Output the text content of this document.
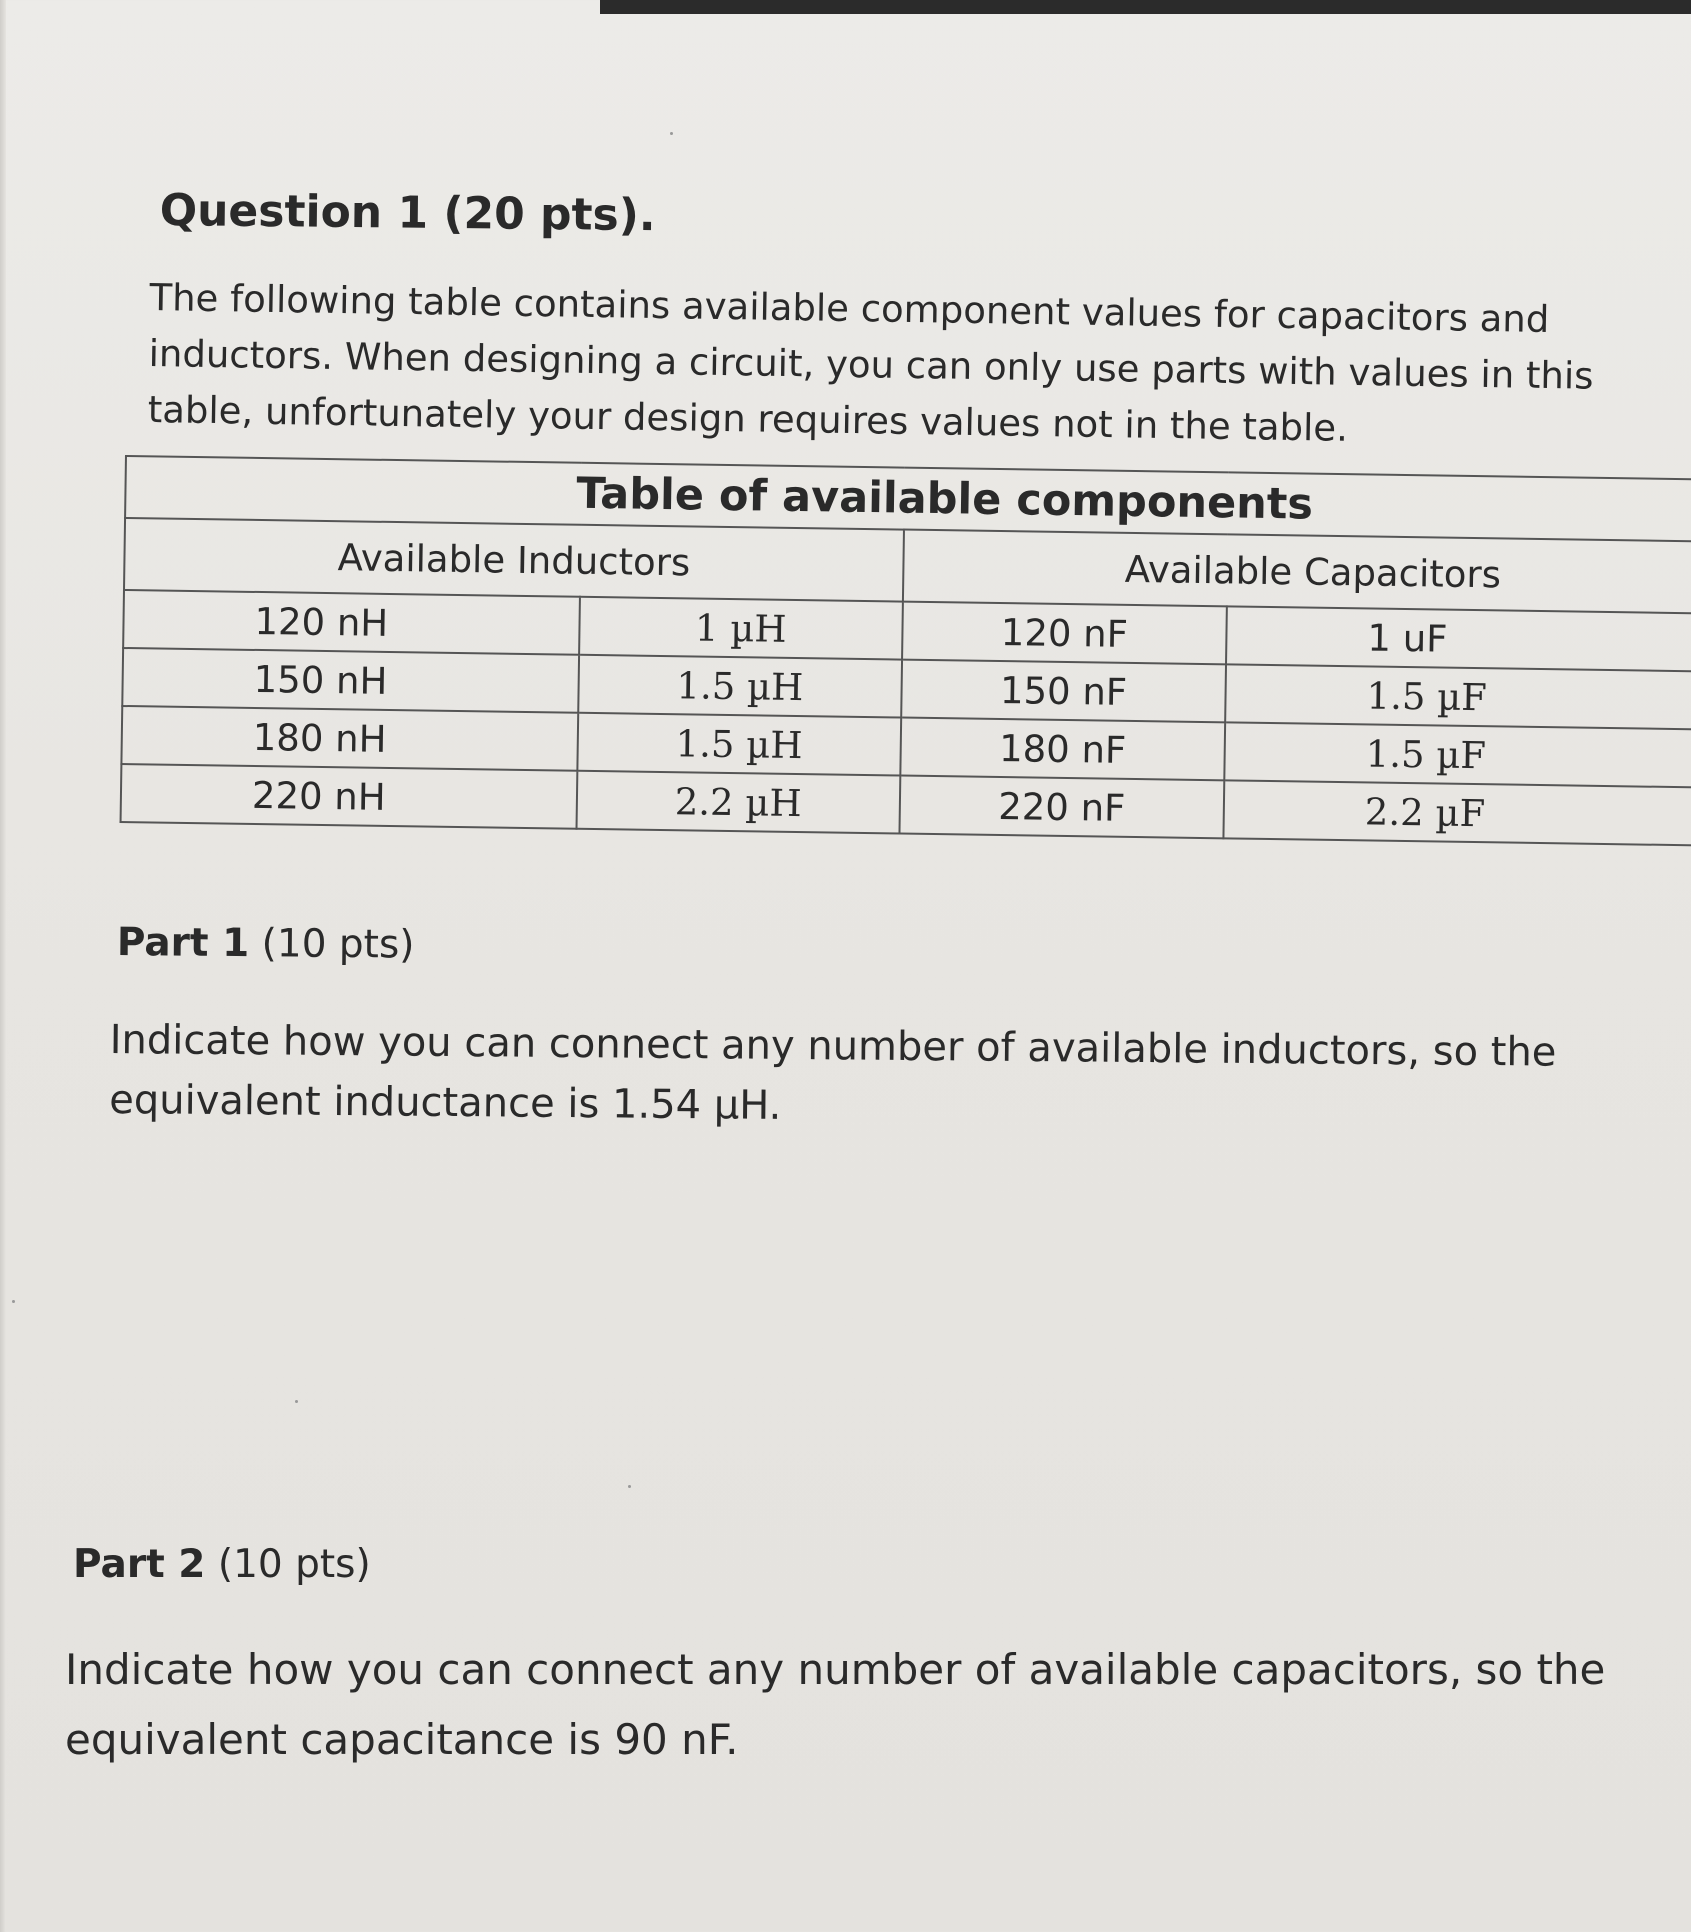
Question 1 (20 pts).
The following table contains available component values for capacitors and
inductors. When designing a circuit, you can only use parts with values in this
table, unfortunately your design requires values not in the table.
Table of available components			
Available Inductors		Available Capacitors	
120 nH	1 µH	120 nF	1 uF
150 nH	1.5 µH	150 nF	1.5 µF
180 nH	1.5 µH	180 nF	1.5 µF
220 nH	2.2 µH	220 nF	2.2 µF
Part 1 (10 pts)
Indicate how you can connect any number of available inductors, so the
equivalent inductance is 1.54 µH.
Part 2 (10 pts)
Indicate how you can connect any number of available capacitors, so the
equivalent capacitance is 90 nF.
